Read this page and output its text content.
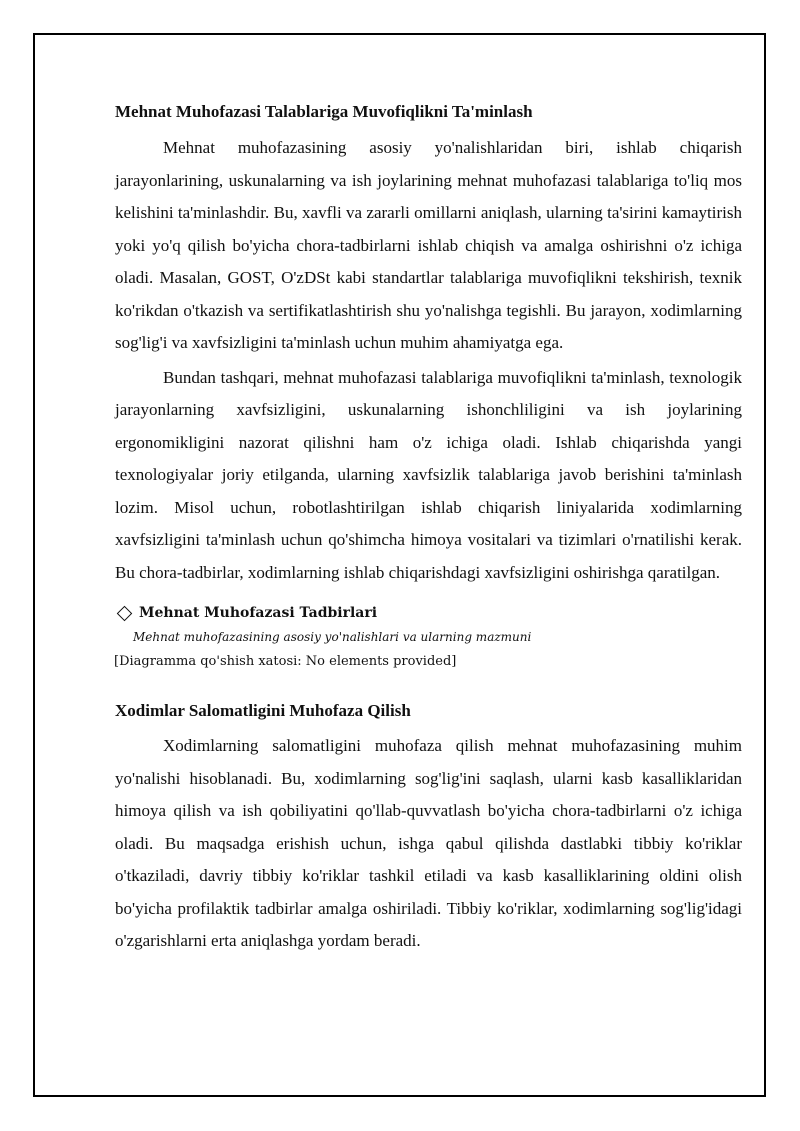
Mehnat Muhofazasi Talablariga Muvofiqlikni Ta'minlash

Mehnat muhofazasining asosiy yo'nalishlaridan biri, ishlab chiqarish jarayonlarining, uskunalarning va ish joylarining mehnat muhofazasi talablariga to'liq mos kelishini ta'minlashdir. Bu, xavfli va zararli omillarni aniqlash, ularning ta'sirini kamaytirish yoki yo'q qilish bo'yicha chora-tadbirlarni ishlab chiqish va amalga oshirishni o'z ichiga oladi. Masalan, GOST, O'zDSt kabi standartlar talablariga muvofiqlikni tekshirish, texnik ko'rikdan o'tkazish va sertifikatlashtirish shu yo'nalishga tegishli. Bu jarayon, xodimlarning sog'lig'i va xavfsizligini ta'minlash uchun muhim ahamiyatga ega.

Bundan tashqari, mehnat muhofazasi talablariga muvofiqlikni ta'minlash, texnologik jarayonlarning xavfsizligini, uskunalarning ishonchliligini va ish joylarining ergonomikligini nazorat qilishni ham o'z ichiga oladi. Ishlab chiqarishda yangi texnologiyalar joriy etilganda, ularning xavfsizlik talablariga javob berishini ta'minlash lozim. Misol uchun, robotlashtirilgan ishlab chiqarish liniyalarida xodimlarning xavfsizligini ta'minlash uchun qo'shimcha himoya vositalari va tizimlari o'rnatilishi kerak. Bu chora-tadbirlar, xodimlarning ishlab chiqarishdagi xavfsizligini oshirishga qaratilgan.

Mehnat Muhofazasi Tadbirlari
Mehnat muhofazasining asosiy yo'nalishlari va ularning mazmuni
[Diagramma qo'shish xatosi: No elements provided]
Xodimlar Salomatligini Muhofaza Qilish

Xodimlarning salomatligini muhofaza qilish mehnat muhofazasining muhim yo'nalishi hisoblanadi. Bu, xodimlarning sog'lig'ini saqlash, ularni kasb kasalliklaridan himoya qilish va ish qobiliyatini qo'llab-quvvatlash bo'yicha chora-tadbirlarni o'z ichiga oladi. Bu maqsadga erishish uchun, ishga qabul qilishda dastlabki tibbiy ko'riklar o'tkaziladi, davriy tibbiy ko'riklar tashkil etiladi va kasb kasalliklarining oldini olish bo'yicha profilaktik tadbirlar amalga oshiriladi. Tibbiy ko'riklar, xodimlarning sog'lig'idagi o'zgarishlarni erta aniqlashga yordam beradi.
